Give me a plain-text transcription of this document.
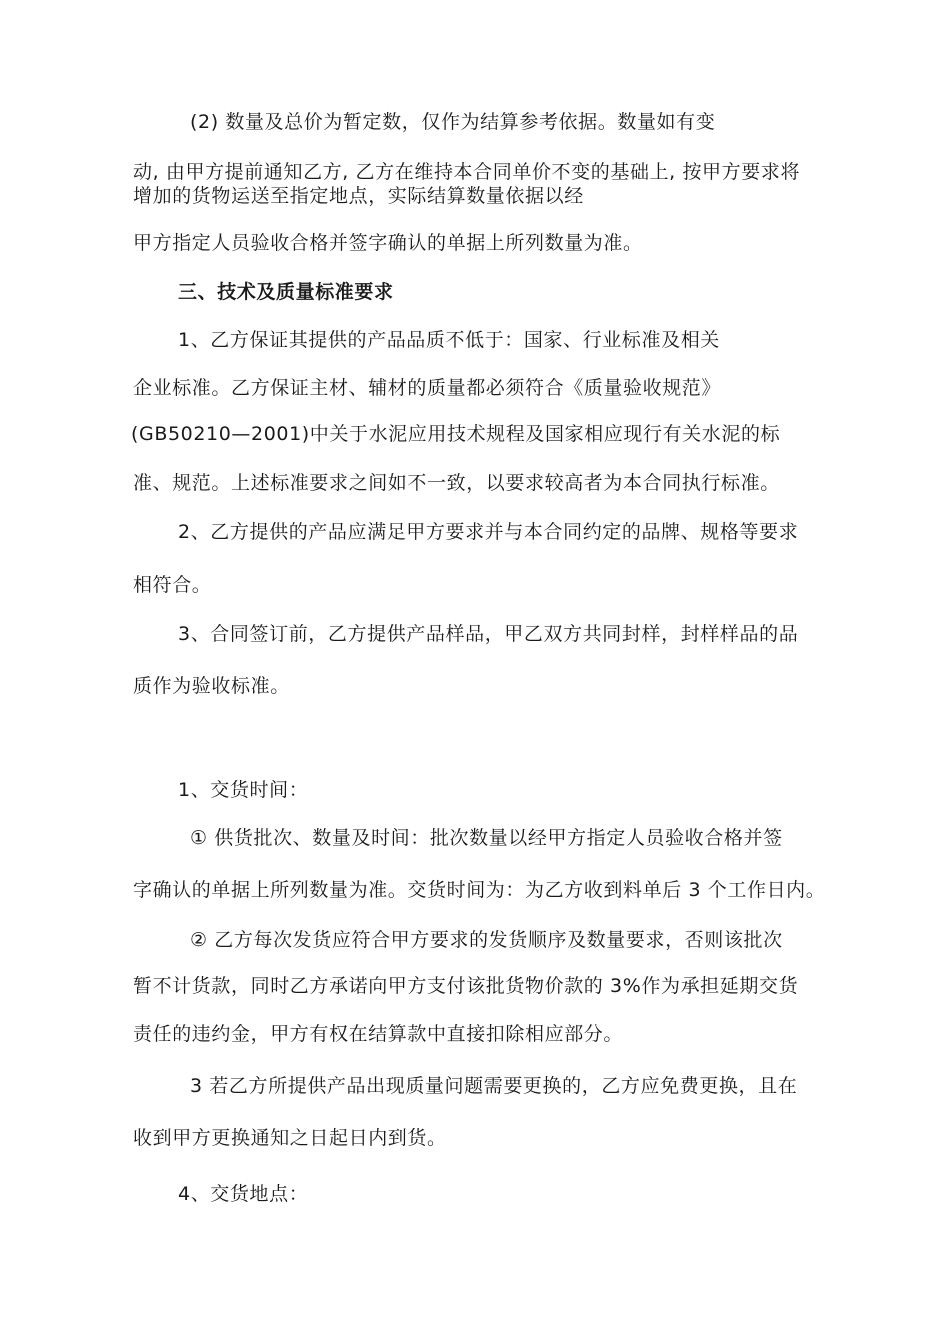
(2) 数量及总价为暂定数，仅作为结算参考依据。数量如有变
动, 由甲方提前通知乙方, 乙方在维持本合同单价不变的基础上, 按甲方要求将
增加的货物运送至指定地点，实际结算数量依据以经
甲方指定人员验收合格并签字确认的单据上所列数量为准。
三、技术及质量标准要求
1、乙方保证其提供的产品品质不低于：国家、行业标准及相关
企业标准。乙方保证主材、辅材的质量都必须符合《质量验收规范》
(GB50210—2001)中关于水泥应用技术规程及国家相应现行有关水泥的标
准、规范。上述标准要求之间如不一致，以要求较高者为本合同执行标准。
2、乙方提供的产品应满足甲方要求并与本合同约定的品牌、规格等要求
相符合。
3、合同签订前，乙方提供产品样品，甲乙双方共同封样，封样样品的品
质作为验收标准。
1、交货时间：
① 供货批次、数量及时间：批次数量以经甲方指定人员验收合格并签
字确认的单据上所列数量为准。交货时间为：为乙方收到料单后 3 个工作日内。
② 乙方每次发货应符合甲方要求的发货顺序及数量要求，否则该批次
暂不计货款，同时乙方承诺向甲方支付该批货物价款的 3%作为承担延期交货
责任的违约金，甲方有权在结算款中直接扣除相应部分。
3 若乙方所提供产品出现质量问题需要更换的，乙方应免费更换，且在
收到甲方更换通知之日起日内到货。
4、交货地点：
